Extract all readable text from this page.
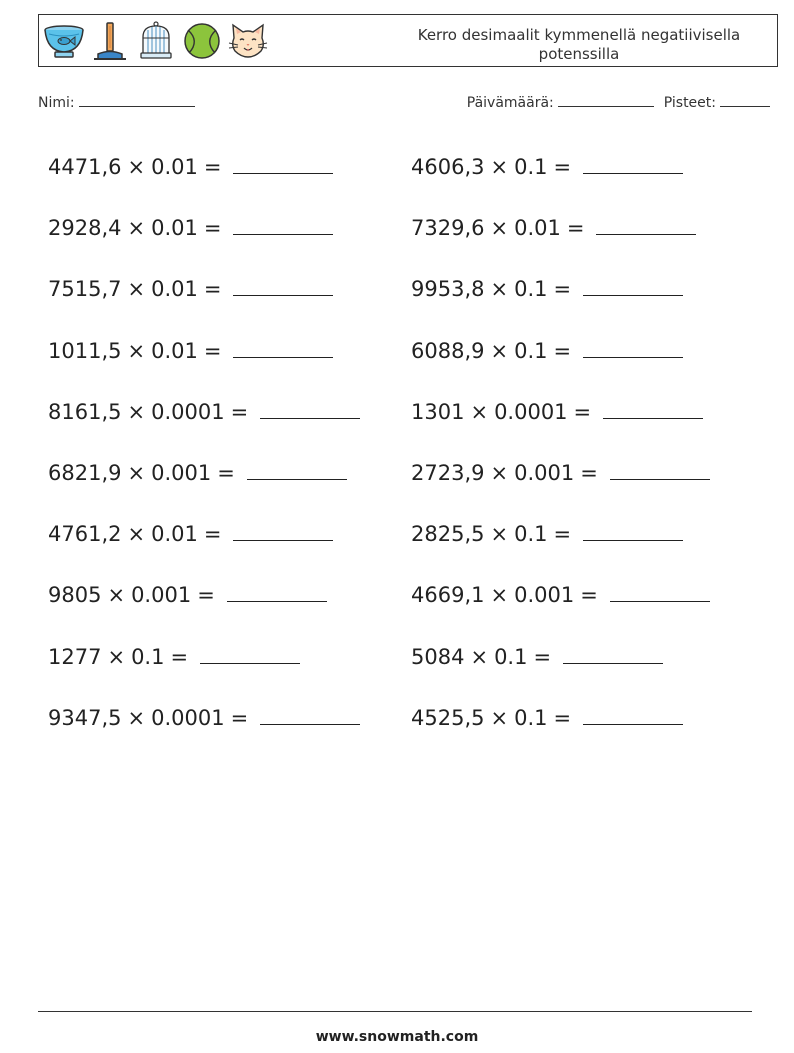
Kerro desimaalit kymmenellä negatiivisella potenssilla
Nimi:	Päivämäärä:	Pisteet:
4471,6 × 0.01 =
2928,4 × 0.01 =
7515,7 × 0.01 =
1011,5 × 0.01 =
8161,5 × 0.0001 =
6821,9 × 0.001 =
4761,2 × 0.01 =
9805 × 0.001 =
1277 × 0.1 =
9347,5 × 0.0001 =
4606,3 × 0.1 =
7329,6 × 0.01 =
9953,8 × 0.1 =
6088,9 × 0.1 =
1301 × 0.0001 =
2723,9 × 0.001 =
2825,5 × 0.1 =
4669,1 × 0.001 =
5084 × 0.1 =
4525,5 × 0.1 =
www.snowmath.com
